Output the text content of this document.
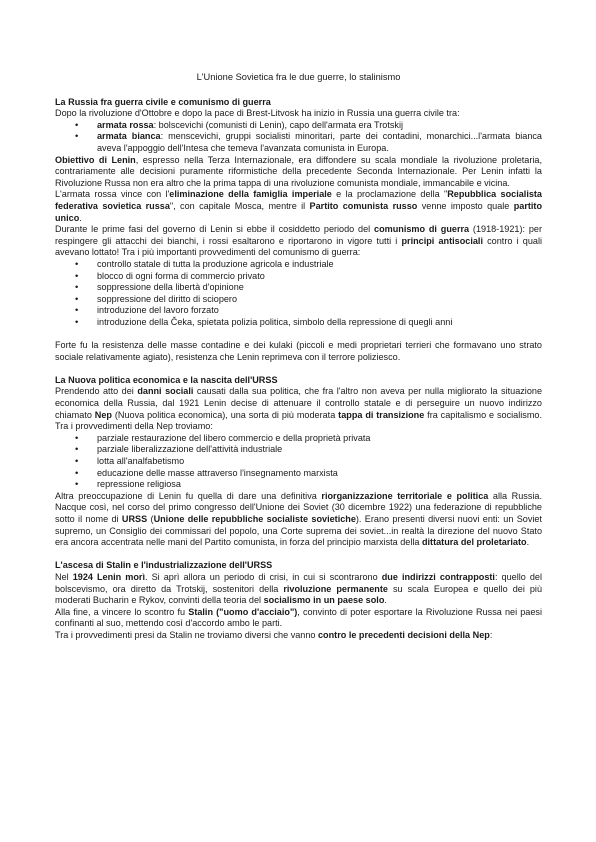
L'Unione Sovietica fra le due guerre, lo stalinismo
La Russia fra guerra civile e comunismo di guerra

Dopo la rivoluzione d'Ottobre e dopo la pace di Brest-Litvosk ha inizio in Russia una guerra civile tra:

• armata rossa: bolscevichi (comunisti di Lenin), capo dell'armata era Trotskij
• armata bianca: menscevichi, gruppi socialisti minoritari, parte dei contadini, monarchici...l'armata bianca aveva l'appoggio dell'Intesa che temeva l'avanzata comunista in Europa.

Obiettivo di Lenin, espresso nella Terza Internazionale, era diffondere su scala mondiale la rivoluzione proletaria, contrariamente alle decisioni puramente riformistiche della precedente Seconda Internazionale. Per Lenin infatti la Rivoluzione Russa non era altro che la prima tappa di una rivoluzione comunista mondiale, immancabile e vicina.

L'armata rossa vince con l'eliminazione della famiglia imperiale e la proclamazione della "Repubblica socialista federativa sovietica russa", con capitale Mosca, mentre il Partito comunista russo venne imposto quale partito unico.

Durante le prime fasi del governo di Lenin si ebbe il cosiddetto periodo del comunismo di guerra (1918-1921): per respingere gli attacchi dei bianchi, i rossi esaltarono e riportarono in vigore tutti i principi antisociali contro i quali avevano lottato! Tra i più importanti provvedimenti del comunismo di guerra:

• controllo statale di tutta la produzione agricola e industriale
• blocco di ogni forma di commercio privato
• soppressione della libertà d'opinione
• soppressione del diritto di sciopero
• introduzione del lavoro forzato
• introduzione della Čeka, spietata polizia politica, simbolo della repressione di quegli anni

Forte fu la resistenza delle masse contadine e dei kulaki (piccoli e medi proprietari terrieri che formavano uno strato sociale relativamente agiato), resistenza che Lenin reprimeva con il terrore poliziesco.

La Nuova politica economica e la nascita dell'URSS

Prendendo atto dei danni sociali causati dalla sua politica, che fra l'altro non aveva per nulla migliorato la situazione economica della Russia, dal 1921 Lenin decise di attenuare il controllo statale e di perseguire un nuovo indirizzo chiamato Nep (Nuova politica economica), una sorta di più moderata tappa di transizione fra capitalismo e socialismo. Tra i provvedimenti della Nep troviamo:

• parziale restaurazione del libero commercio e della proprietà privata
• parziale liberalizzazione dell'attività industriale
• lotta all'analfabetismo
• educazione delle masse attraverso l'insegnamento marxista
• repressione religiosa

Altra preoccupazione di Lenin fu quella di dare una definitiva riorganizzazione territoriale e politica alla Russia. Nacque così, nel corso del primo congresso dell'Unione dei Soviet (30 dicembre 1922) una federazione di repubbliche sotto il nome di URSS (Unione delle repubbliche socialiste sovietiche). Erano presenti diversi nuovi enti: un Soviet supremo, un Consiglio dei commissari del popolo, una Corte suprema dei soviet...in realtà la direzione del nuovo Stato era ancora accentrata nelle mani del Partito comunista, in forza del principio marxista della dittatura del proletariato.

L'ascesa di Stalin e l'industrializzazione dell'URSS

Nel 1924 Lenin morì. Si aprì allora un periodo di crisi, in cui si scontrarono due indirizzi contrapposti: quello del bolscevismo, ora diretto da Trotskij, sostenitori della rivoluzione permanente su scala Europea e quello dei più moderati Bucharin e Rykov, convinti della teoria del socialismo in un paese solo.

Alla fine, a vincere lo scontro fu Stalin ("uomo d'acciaio"), convinto di poter esportare la Rivoluzione Russa nei paesi confinanti al suo, mettendo così d'accordo ambo le parti.

Tra i provvedimenti presi da Stalin ne troviamo diversi che vanno contro le precedenti decisioni della Nep:
